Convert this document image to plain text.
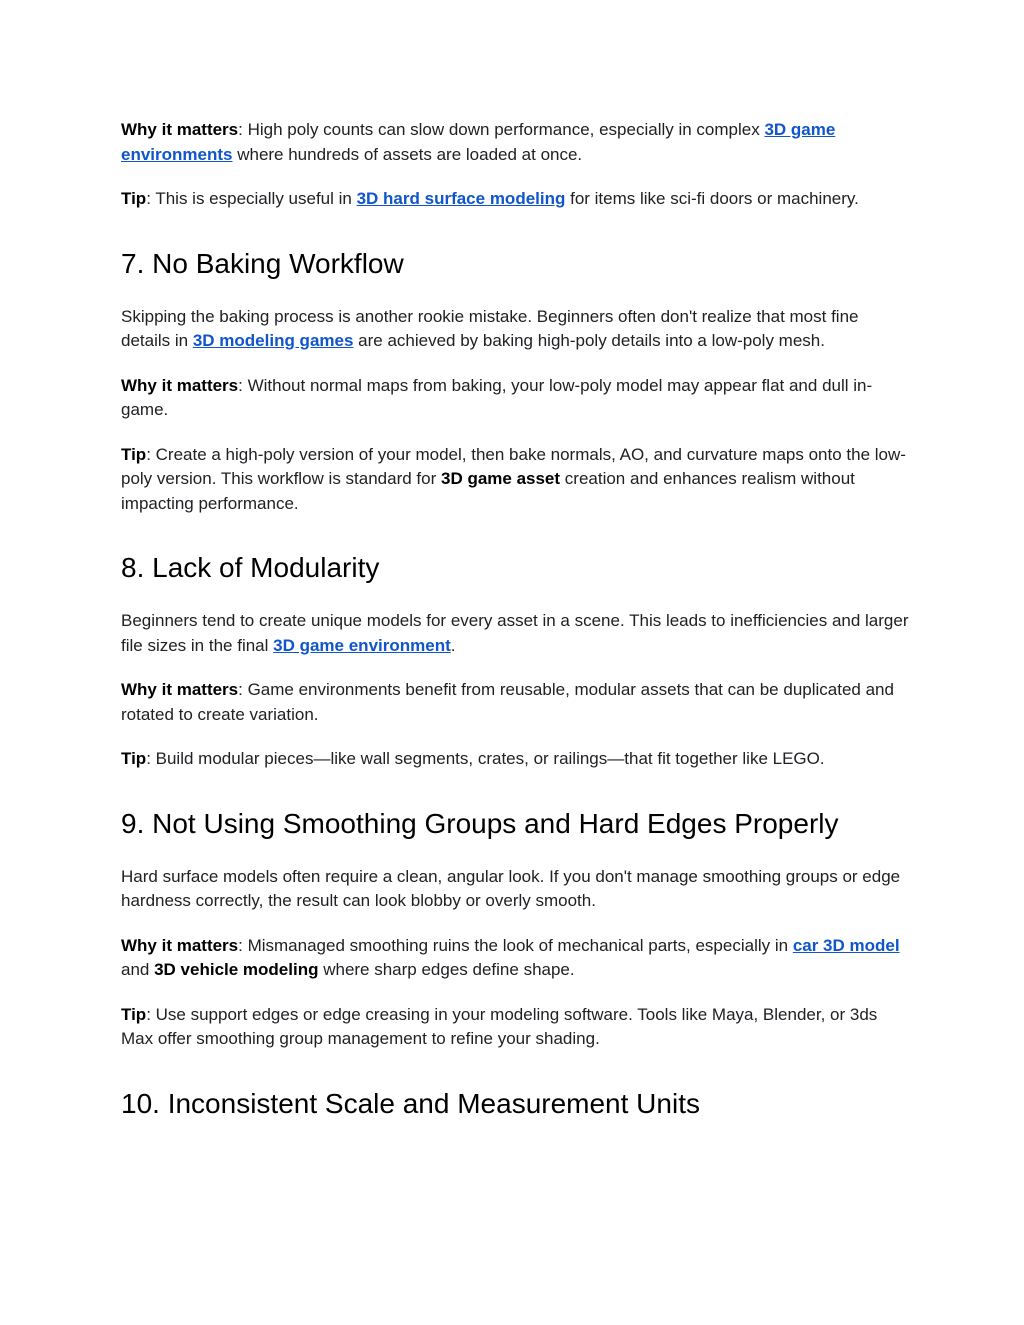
Why it matters: High poly counts can slow down performance, especially in complex 3D game environments where hundreds of assets are loaded at once.

Tip: This is especially useful in 3D hard surface modeling for items like sci-fi doors or machinery.

7. No Baking Workflow

Skipping the baking process is another rookie mistake. Beginners often don't realize that most fine details in 3D modeling games are achieved by baking high-poly details into a low-poly mesh.

Why it matters: Without normal maps from baking, your low-poly model may appear flat and dull in-game.

Tip: Create a high-poly version of your model, then bake normals, AO, and curvature maps onto the low-poly version. This workflow is standard for 3D game asset creation and enhances realism without impacting performance.

8. Lack of Modularity

Beginners tend to create unique models for every asset in a scene. This leads to inefficiencies and larger file sizes in the final 3D game environment.

Why it matters: Game environments benefit from reusable, modular assets that can be duplicated and rotated to create variation.

Tip: Build modular pieces—like wall segments, crates, or railings—that fit together like LEGO.

9. Not Using Smoothing Groups and Hard Edges Properly

Hard surface models often require a clean, angular look. If you don't manage smoothing groups or edge hardness correctly, the result can look blobby or overly smooth.

Why it matters: Mismanaged smoothing ruins the look of mechanical parts, especially in car 3D model and 3D vehicle modeling where sharp edges define shape.

Tip: Use support edges or edge creasing in your modeling software. Tools like Maya, Blender, or 3ds Max offer smoothing group management to refine your shading.

10. Inconsistent Scale and Measurement Units
